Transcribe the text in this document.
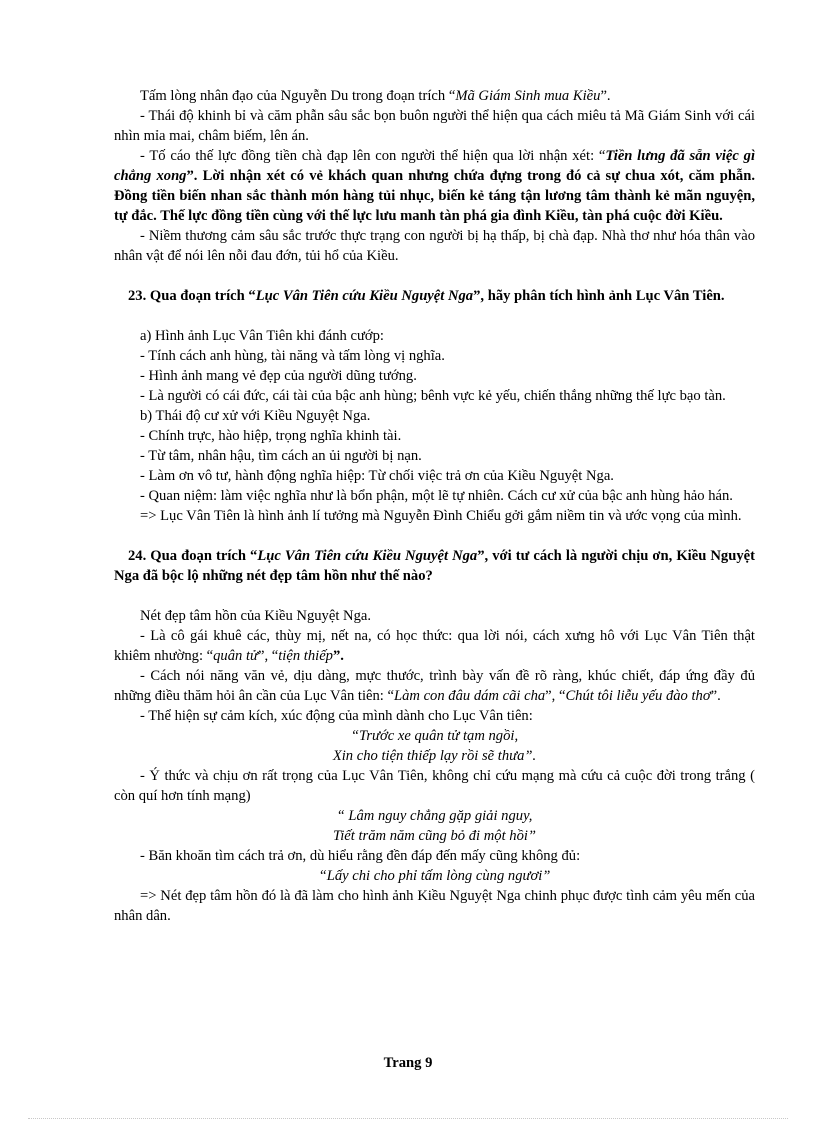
Tấm lòng nhân đạo của Nguyễn Du trong đoạn trích “Mã Giám Sinh mua Kiều”.

- Thái độ khinh bỉ và căm phẫn sâu sắc bọn buôn người thể hiện qua cách miêu tả Mã Giám Sinh với cái nhìn mỉa mai, châm biếm, lên án.

- Tố cáo thế lực đồng tiền chà đạp lên con người thể hiện qua lời nhận xét: “Tiền lưng đã sẵn việc gì chẳng xong”. Lời nhận xét có vẻ khách quan nhưng chứa đựng trong đó cả sự chua xót, căm phẫn. Đồng tiền biến nhan sắc thành món hàng tủi nhục, biến kẻ táng tận lương tâm thành kẻ mãn nguyện, tự đắc. Thế lực đồng tiền cùng với thế lực lưu manh tàn phá gia đình Kiều, tàn phá cuộc đời Kiều.

- Niềm thương cảm sâu sắc trước thực trạng con người bị hạ thấp, bị chà đạp. Nhà thơ như hóa thân vào nhân vật để nói lên nỗi đau đớn, tủi hổ của Kiều.

23. Qua đoạn trích “Lục Vân Tiên cứu Kiều Nguyệt Nga”, hãy phân tích hình ảnh Lục Vân Tiên.

a) Hình ảnh Lục Vân Tiên khi đánh cướp:

- Tính cách anh hùng, tài năng và tấm lòng vị nghĩa.

- Hình ảnh mang vẻ đẹp của người dũng tướng.

- Là người có cái đức, cái tài của bậc anh hùng; bênh vực kẻ yếu, chiến thắng những thế lực bạo tàn.

b) Thái độ cư xử với Kiều Nguyệt Nga.

- Chính trực, hào hiệp, trọng nghĩa khinh tài.

- Từ tâm, nhân hậu, tìm cách an ủi người bị nạn.

- Làm ơn vô tư, hành động nghĩa hiệp: Từ chối việc trả ơn của Kiều Nguyệt Nga.

- Quan niệm: làm việc nghĩa như là bổn phận, một lẽ tự nhiên. Cách cư xử của bậc anh hùng hảo hán.

=> Lục Vân Tiên là hình ảnh lí tưởng mà Nguyễn Đình Chiểu gởi gắm niềm tin và ước vọng của mình.

24. Qua đoạn trích “Lục Vân Tiên cứu Kiều Nguyệt Nga”, với tư cách là người chịu ơn, Kiều Nguyệt Nga đã bộc lộ những nét đẹp tâm hồn như thế nào?

Nét đẹp tâm hồn của Kiều Nguyệt Nga.

- Là cô gái khuê các, thùy mị, nết na, có học thức: qua lời nói, cách xưng hô với Lục Vân Tiên thật khiêm nhường: “quân tử”, “tiện thiếp”.

- Cách nói năng văn vẻ, dịu dàng, mực thước, trình bày vấn đề rõ ràng, khúc chiết, đáp ứng đầy đủ những điều thăm hỏi ân cần của Lục Vân tiên: “Làm con đâu dám cãi cha”, “Chút tôi liễu yếu đào thơ”.

- Thể hiện sự cảm kích, xúc động của mình dành cho Lục Vân tiên:

“Trước xe quân tử tạm ngồi,

Xin cho tiện thiếp lạy rồi sẽ thưa”.

- Ý thức và chịu ơn rất trọng của Lục Vân Tiên, không chỉ cứu mạng mà cứu cả cuộc đời trong trắng ( còn quí hơn tính mạng)

“ Lâm nguy chẳng gặp giải nguy,

Tiết trăm năm cũng bỏ đi một hồi”

- Băn khoăn tìm cách trả ơn, dù hiểu rằng đền đáp đến mấy cũng không đủ:

“Lấy chi cho phỉ tấm lòng cùng ngươi”

=> Nét đẹp tâm hồn đó là đã làm cho hình ảnh Kiều Nguyệt Nga chinh phục được tình cảm yêu mến của nhân dân.

Trang 9
